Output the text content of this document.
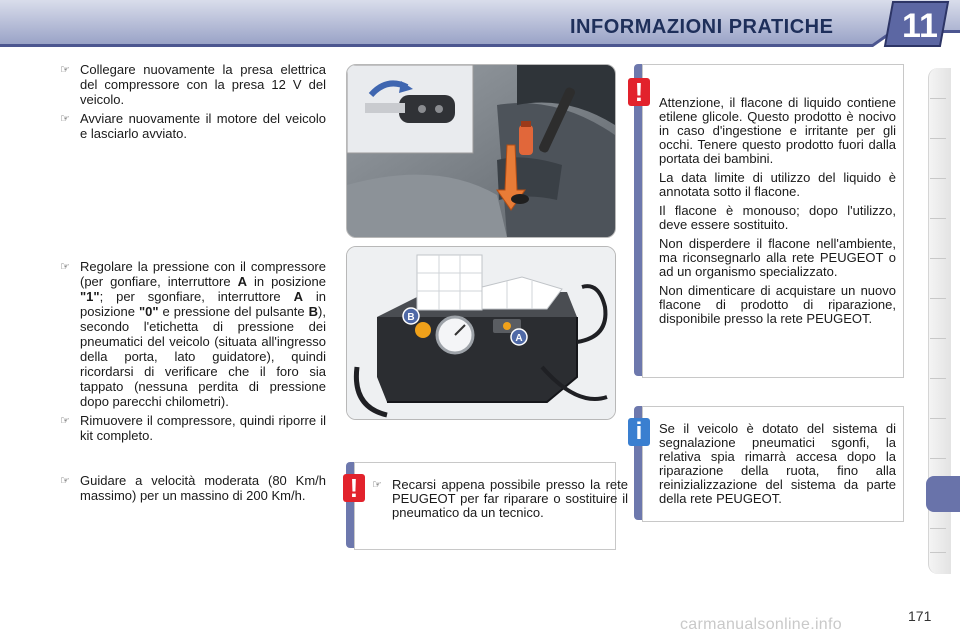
INFORMAZIONI PRATICHE 11

☞ Collegare nuovamente la presa elettrica del compressore con la presa 12 V del veicolo.

☞ Avviare nuovamente il motore del veicolo e lasciarlo avviato.

☞ Regolare la pressione con il compressore (per gonfiare, interruttore A in posizione "1"; per sgonfiare, interruttore A in posizione "0" e pressione del pulsante B), secondo l'etichetta di pressione dei pneumatici del veicolo (situata all'ingresso della porta, lato guidatore), quindi ricordarsi di verificare che il foro sia tappato (nessuna perdita di pressione dopo parecchi chilometri).

☞ Rimuovere il compressore, quindi riporre il kit completo.

☞ Guidare a velocità moderata (80 Km/h massimo) per un massino di 200 Km/h.

B
A
!	☞ Recarsi appena possibile presso la rete PEUGEOT per far riparare o sostituire il pneumatico da un tecnico.

!	Attenzione, il flacone di liquido contiene etilene glicole. Questo prodotto è nocivo in caso d'ingestione e irritante per gli occhi. Tenere questo prodotto fuori dalla portata dei bambini.

La data limite di utilizzo del liquido è annotata sotto il flacone.

Il flacone è monouso; dopo l'utilizzo, deve essere sostituito.

Non disperdere il flacone nell'ambiente, ma riconsegnarlo alla rete PEUGEOT o ad un organismo specializzato.

Non dimenticare di acquistare un nuovo flacone di prodotto di riparazione, disponibile presso la rete PEUGEOT.

i	Se il veicolo è dotato del sistema di segnalazione pneumatici sgonfi, la relativa spia rimarrà accesa dopo la riparazione della ruota, fino alla reinizializzazione del sistema da parte della rete PEUGEOT.

171
carmanualsonline.info
